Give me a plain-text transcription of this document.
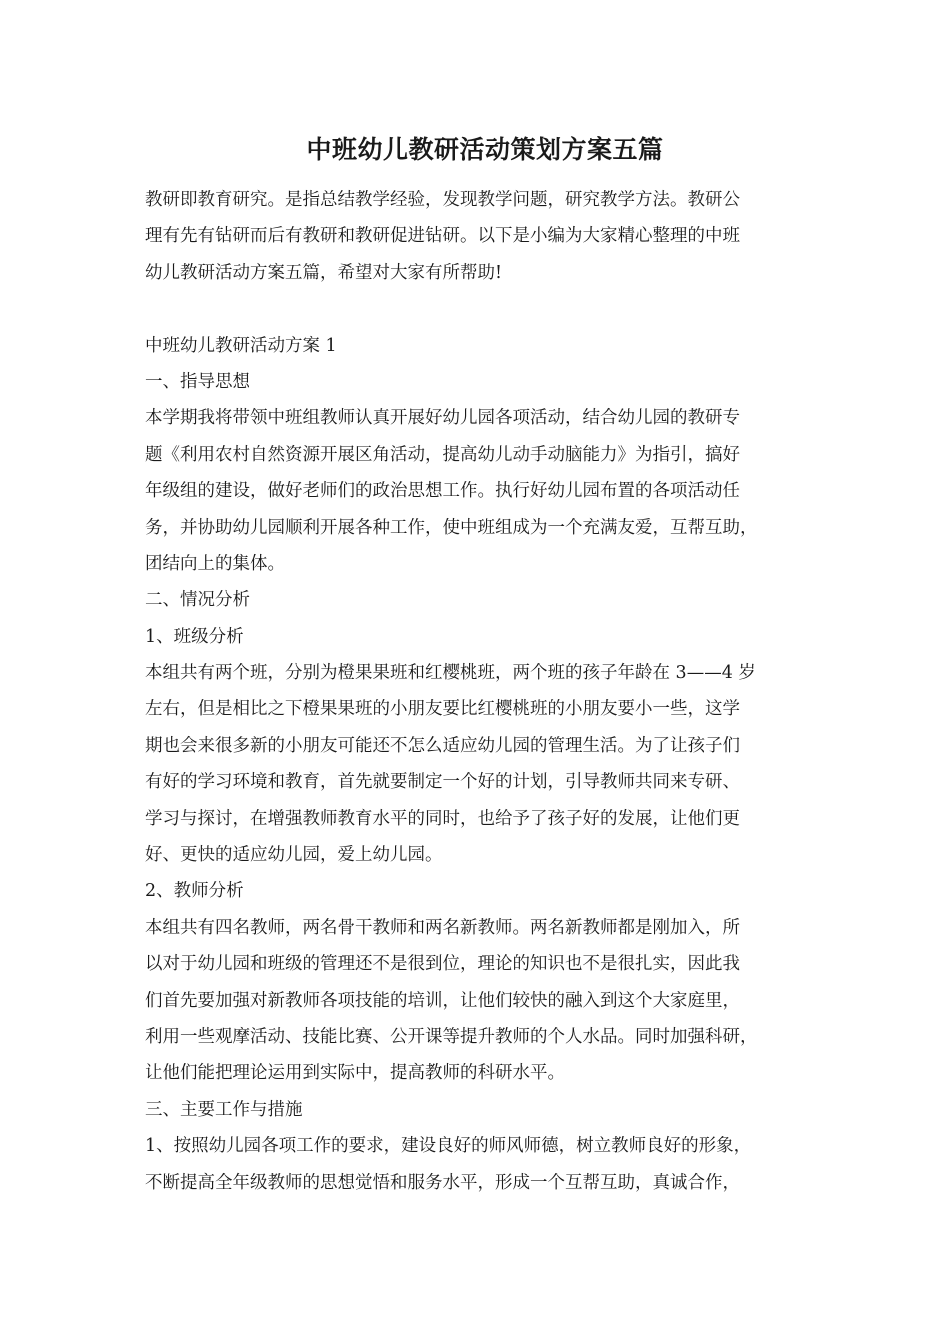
中班幼儿教研活动策划方案五篇
教研即教育研究。是指总结教学经验，发现教学问题，研究教学方法。教研公
理有先有钻研而后有教研和教研促进钻研。以下是小编为大家精心整理的中班
幼儿教研活动方案五篇，希望对大家有所帮助!
中班幼儿教研活动方案 1
一、指导思想
本学期我将带领中班组教师认真开展好幼儿园各项活动，结合幼儿园的教研专
题《利用农村自然资源开展区角活动，提高幼儿动手动脑能力》为指引，搞好
年级组的建设，做好老师们的政治思想工作。执行好幼儿园布置的各项活动任
务，并协助幼儿园顺利开展各种工作，使中班组成为一个充满友爱，互帮互助，
团结向上的集体。
二、情况分析
1、班级分析
本组共有两个班，分别为橙果果班和红樱桃班，两个班的孩子年龄在 3——4 岁
左右，但是相比之下橙果果班的小朋友要比红樱桃班的小朋友要小一些，这学
期也会来很多新的小朋友可能还不怎么适应幼儿园的管理生活。为了让孩子们
有好的学习环境和教育，首先就要制定一个好的计划，引导教师共同来专研、
学习与探讨，在增强教师教育水平的同时，也给予了孩子好的发展，让他们更
好、更快的适应幼儿园，爱上幼儿园。
2、教师分析
本组共有四名教师，两名骨干教师和两名新教师。两名新教师都是刚加入，所
以对于幼儿园和班级的管理还不是很到位，理论的知识也不是很扎实，因此我
们首先要加强对新教师各项技能的培训，让他们较快的融入到这个大家庭里，
利用一些观摩活动、技能比赛、公开课等提升教师的个人水品。同时加强科研，
让他们能把理论运用到实际中，提高教师的科研水平。
三、主要工作与措施
1、按照幼儿园各项工作的要求，建设良好的师风师德，树立教师良好的形象，
不断提高全年级教师的思想觉悟和服务水平，形成一个互帮互助，真诚合作，
